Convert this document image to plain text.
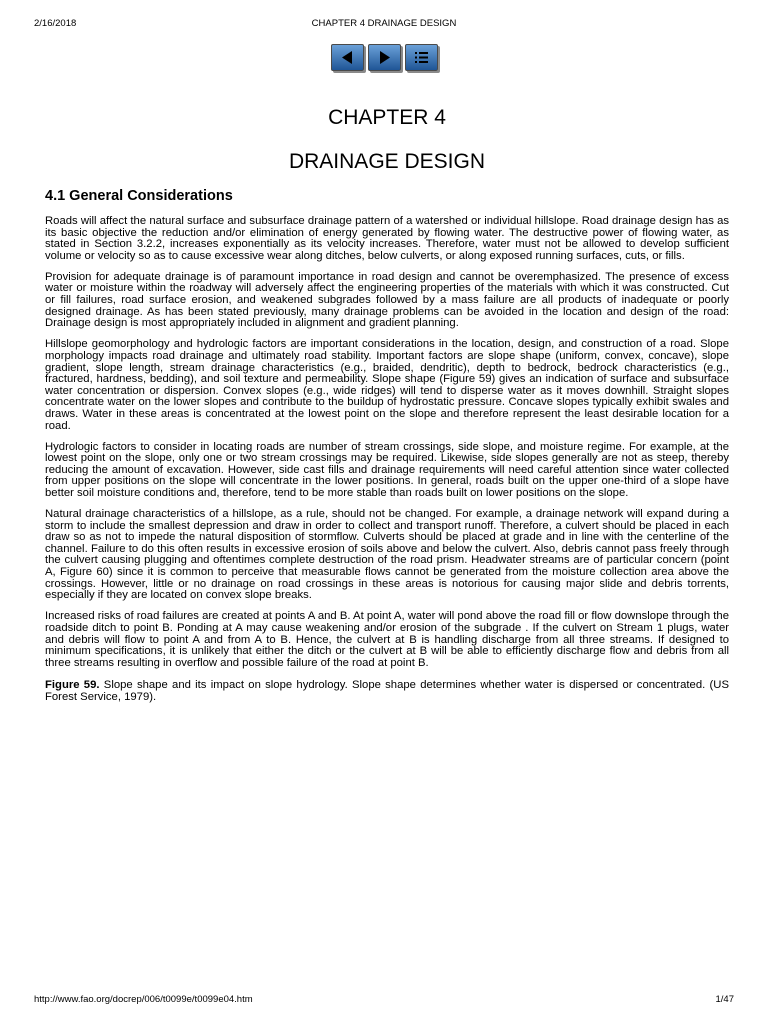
2/16/2018	CHAPTER 4 DRAINAGE DESIGN

CHAPTER 4
DRAINAGE DESIGN
4.1 General Considerations

Roads will affect the natural surface and subsurface drainage pattern of a watershed or individual hillslope. Road drainage design has as its basic objective the reduction and/or elimination of energy generated by flowing water. The destructive power of flowing water, as stated in Section 3.2.2, increases exponentially as its velocity increases. Therefore, water must not be allowed to develop sufficient volume or velocity so as to cause excessive wear along ditches, below culverts, or along exposed running surfaces, cuts, or fills.

Provision for adequate drainage is of paramount importance in road design and cannot be overemphasized. The presence of excess water or moisture within the roadway will adversely affect the engineering properties of the materials with which it was constructed. Cut or fill failures, road surface erosion, and weakened subgrades followed by a mass failure are all products of inadequate or poorly designed drainage. As has been stated previously, many drainage problems can be avoided in the location and design of the road: Drainage design is most appropriately included in alignment and gradient planning.

Hillslope geomorphology and hydrologic factors are important considerations in the location, design, and construction of a road. Slope morphology impacts road drainage and ultimately road stability. Important factors are slope shape (uniform, convex, concave), slope gradient, slope length, stream drainage characteristics (e.g., braided, dendritic), depth to bedrock, bedrock characteristics (e.g., fractured, hardness, bedding), and soil texture and permeability. Slope shape (Figure 59) gives an indication of surface and subsurface water concentration or dispersion. Convex slopes (e.g., wide ridges) will tend to disperse water as it moves downhill. Straight slopes concentrate water on the lower slopes and contribute to the buildup of hydrostatic pressure. Concave slopes typically exhibit swales and draws. Water in these areas is concentrated at the lowest point on the slope and therefore represent the least desirable location for a road.

Hydrologic factors to consider in locating roads are number of stream crossings, side slope, and moisture regime. For example, at the lowest point on the slope, only one or two stream crossings may be required. Likewise, side slopes generally are not as steep, thereby reducing the amount of excavation. However, side cast fills and drainage requirements will need careful attention since water collected from upper positions on the slope will concentrate in the lower positions. In general, roads built on the upper one-third of a slope have better soil moisture conditions and, therefore, tend to be more stable than roads built on lower positions on the slope.

Natural drainage characteristics of a hillslope, as a rule, should not be changed. For example, a drainage network will expand during a storm to include the smallest depression and draw in order to collect and transport runoff. Therefore, a culvert should be placed in each draw so as not to impede the natural disposition of stormflow. Culverts should be placed at grade and in line with the centerline of the channel. Failure to do this often results in excessive erosion of soils above and below the culvert. Also, debris cannot pass freely through the culvert causing plugging and oftentimes complete destruction of the road prism. Headwater streams are of particular concern (point A, Figure 60) since it is common to perceive that measurable flows cannot be generated from the moisture collection area above the crossings. However, little or no drainage on road crossings in these areas is notorious for causing major slide and debris torrents, especially if they are located on convex slope breaks.

Increased risks of road failures are created at points A and B. At point A, water will pond above the road fill or flow downslope through the roadside ditch to point B. Ponding at A may cause weakening and/or erosion of the subgrade . If the culvert on Stream 1 plugs, water and debris will flow to point A and from A to B. Hence, the culvert at B is handling discharge from all three streams. If designed to minimum specifications, it is unlikely that either the ditch or the culvert at B will be able to efficiently discharge flow and debris from all three streams resulting in overflow and possible failure of the road at point B.

Figure 59. Slope shape and its impact on slope hydrology. Slope shape determines whether water is dispersed or concentrated. (US Forest Service, 1979).

http://www.fao.org/docrep/006/t0099e/t0099e04.htm	1/47
